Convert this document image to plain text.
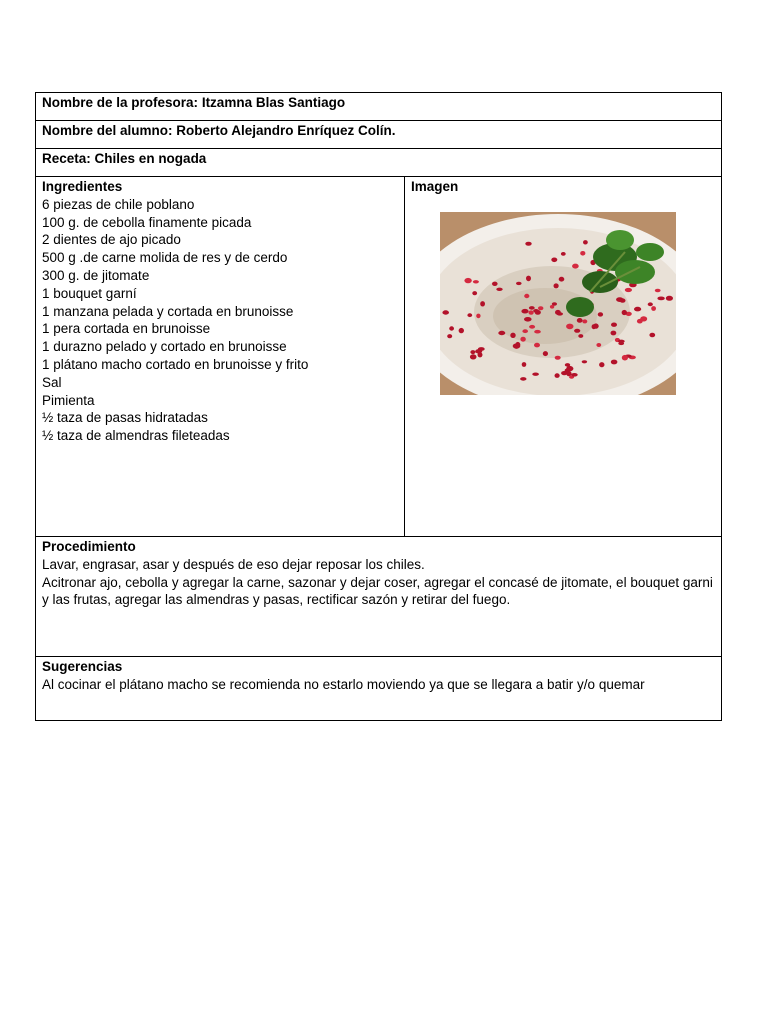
Nombre de la profesora: Itzamna Blas Santiago
Nombre del alumno: Roberto Alejandro Enríquez Colín.
Receta: Chiles en nogada

Ingredientes
6 piezas de chile poblano
100 g. de cebolla finamente picada
2 dientes de ajo picado
500 g .de carne molida de res y de cerdo
300 g. de jitomate
1 bouquet garní
1 manzana pelada y cortada en brunoisse
1 pera cortada en brunoisse
1 durazno pelado y cortado en brunoisse
1 plátano macho cortado en brunoisse y frito
Sal
Pimienta
½ taza de pasas hidratadas
½ taza de almendras fileteadas

Imagen

Procedimiento
Lavar, engrasar, asar y después de eso dejar reposar los chiles.
Acitronar ajo, cebolla y agregar la carne, sazonar y dejar coser, agregar el concasé de jitomate, el bouquet garni y las frutas, agregar las almendras y pasas, rectificar sazón y retirar del fuego.

Sugerencias
Al cocinar el plátano macho se recomienda no estarlo moviendo ya que se llegara a batir y/o quemar
